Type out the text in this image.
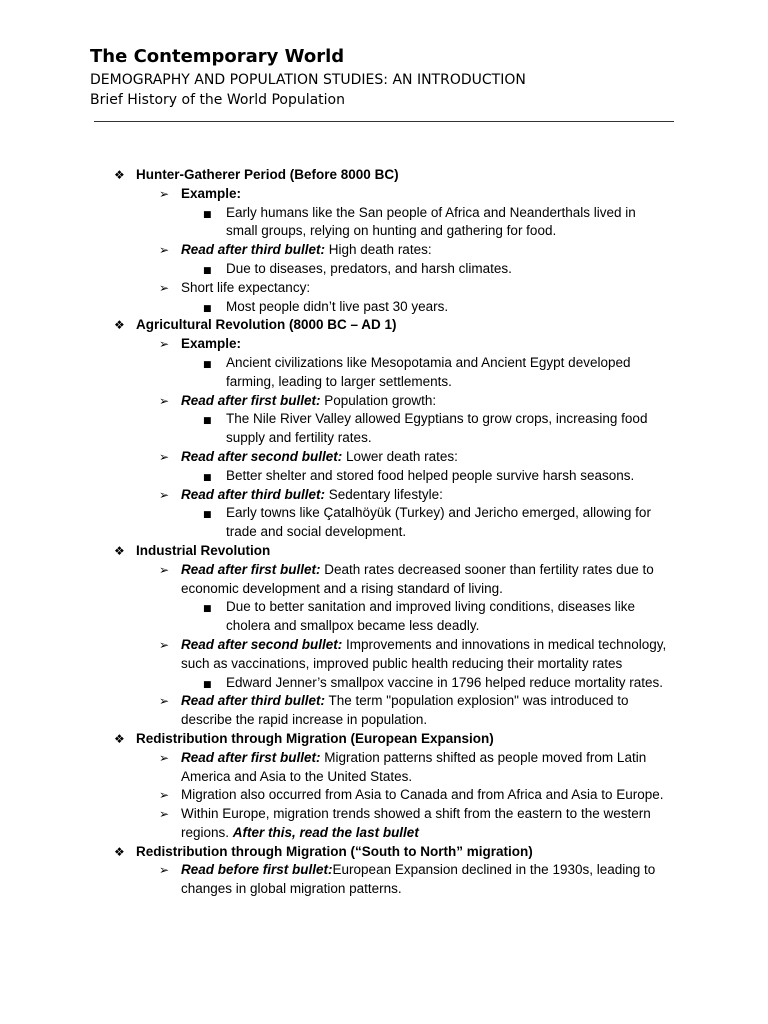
The Contemporary World
DEMOGRAPHY AND POPULATION STUDIES: AN INTRODUCTION
Brief History of the World Population
❖ Hunter-Gatherer Period (Before 8000 BC)
➢ Example:
■ Early humans like the San people of Africa and Neanderthals lived in small groups, relying on hunting and gathering for food.
➢ Read after third bullet: High death rates:
■ Due to diseases, predators, and harsh climates.
➢ Short life expectancy:
■ Most people didn’t live past 30 years.
❖ Agricultural Revolution (8000 BC – AD 1)
➢ Example:
■ Ancient civilizations like Mesopotamia and Ancient Egypt developed farming, leading to larger settlements.
➢ Read after first bullet: Population growth:
■ The Nile River Valley allowed Egyptians to grow crops, increasing food supply and fertility rates.
➢ Read after second bullet: Lower death rates:
■ Better shelter and stored food helped people survive harsh seasons.
➢ Read after third bullet: Sedentary lifestyle:
■ Early towns like Çatalhöyük (Turkey) and Jericho emerged, allowing for trade and social development.
❖ Industrial Revolution
➢ Read after first bullet: Death rates decreased sooner than fertility rates due to economic development and a rising standard of living.
■ Due to better sanitation and improved living conditions, diseases like cholera and smallpox became less deadly.
➢ Read after second bullet: Improvements and innovations in medical technology, such as vaccinations, improved public health reducing their mortality rates
■ Edward Jenner’s smallpox vaccine in 1796 helped reduce mortality rates.
➢ Read after third bullet: The term "population explosion" was introduced to describe the rapid increase in population.
❖ Redistribution through Migration (European Expansion)
➢ Read after first bullet: Migration patterns shifted as people moved from Latin America and Asia to the United States.
➢ Migration also occurred from Asia to Canada and from Africa and Asia to Europe.
➢ Within Europe, migration trends showed a shift from the eastern to the western regions. After this, read the last bullet
❖ Redistribution through Migration (“South to North” migration)
➢ Read before first bullet:European Expansion declined in the 1930s, leading to changes in global migration patterns.
